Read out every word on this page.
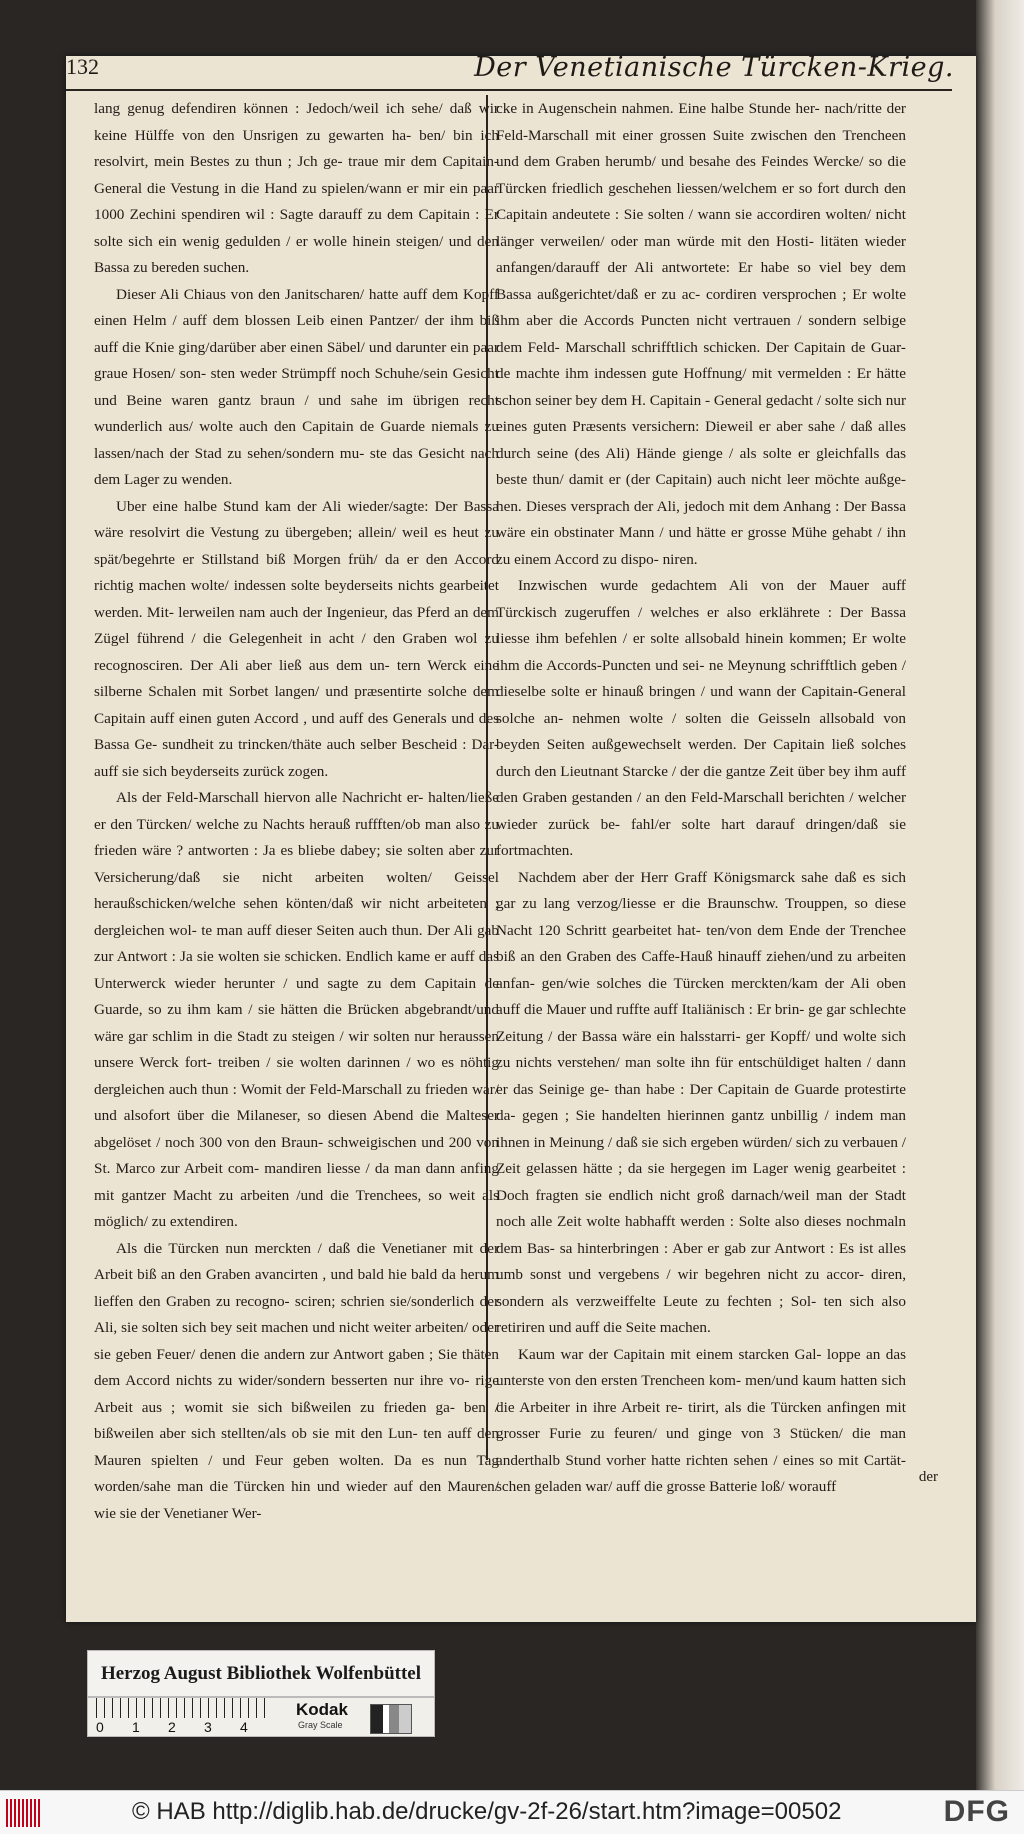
132	Der Venetianische Türcken-Krieg.

lang genug defendiren können : Jedoch/weil ich sehe/ daß wir keine Hülffe von den Unsrigen zu gewarten ha- ben/ bin ich resolvirt, mein Bestes zu thun ; Jch ge- traue mir dem Capitain-General die Vestung in die Hand zu spielen/wann er mir ein paar 1000 Zechini spendiren wil : Sagte darauff zu dem Capitain : Er solte sich ein wenig gedulden / er wolle hinein steigen/ und den Bassa zu bereden suchen.

Dieser Ali Chiaus von den Janitscharen/ hatte auff dem Kopff einen Helm / auff dem blossen Leib einen Pantzer/ der ihm biß auff die Knie ging/darüber aber einen Säbel/ und darunter ein paar graue Hosen/ son- sten weder Strümpff noch Schuhe/sein Gesicht und Beine waren gantz braun / und sahe im übrigen recht wunderlich aus/ wolte auch den Capitain de Guarde niemals zu lassen/nach der Stad zu sehen/sondern mu- ste das Gesicht nach dem Lager zu wenden.

Uber eine halbe Stund kam der Ali wieder/sagte: Der Bassa wäre resolvirt die Vestung zu übergeben; allein/ weil es heut zu spät/begehrte er Stillstand biß Morgen früh/ da er den Accord richtig machen wolte/ indessen solte beyderseits nichts gearbeitet werden. Mit- lerweilen nam auch der Ingenieur, das Pferd an dem Zügel führend / die Gelegenheit in acht / den Graben wol zu recognosciren. Der Ali aber ließ aus dem un- tern Werck eine silberne Schalen mit Sorbet langen/ und præsentirte solche dem Capitain auff einen guten Accord , und auff des Generals und des Bassa Ge- sundheit zu trincken/thäte auch selber Bescheid : Dar- auff sie sich beyderseits zurück zogen.

Als der Feld-Marschall hiervon alle Nachricht er- halten/ließe er den Türcken/ welche zu Nachts herauß ruffften/ob man also zu frieden wäre ? antworten : Ja es bliebe dabey; sie solten aber zur Versicherung/daß sie nicht arbeiten wolten/ Geissel heraußschicken/welche sehen könten/daß wir nicht arbeiteten ; dergleichen wol- te man auff dieser Seiten auch thun. Der Ali gab zur Antwort : Ja sie wolten sie schicken. Endlich kame er auff das Unterwerck wieder herunter / und sagte zu dem Capitain de Guarde, so zu ihm kam / sie hätten die Brücken abgebrandt/und wäre gar schlim in die Stadt zu steigen / wir solten nur heraussen unsere Werck fort- treiben / sie wolten darinnen / wo es nöhtig dergleichen auch thun : Womit der Feld-Marschall zu frieden war/ und alsofort über die Milaneser, so diesen Abend die Malteser abgelöset / noch 300 von den Braun- schweigischen und 200 von St. Marco zur Arbeit com- mandiren liesse / da man dann anfing mit gantzer Macht zu arbeiten /und die Trenchees, so weit als möglich/ zu extendiren.

Als die Türcken nun merckten / daß die Venetianer mit der Arbeit biß an den Graben avancirten , und bald hie bald da herum lieffen den Graben zu recogno- sciren; schrien sie/sonderlich der Ali, sie solten sich bey seit machen und nicht weiter arbeiten/ oder sie geben Feuer/ denen die andern zur Antwort gaben ; Sie thäten dem Accord nichts zu wider/sondern besserten nur ihre vo- rige Arbeit aus ; womit sie sich bißweilen zu frieden ga- ben / bißweilen aber sich stellten/als ob sie mit den Lun- ten auff den Mauren spielten / und Feur geben wolten. Da es nun Tag worden/sahe man die Türcken hin und wieder auf den Mauren/ wie sie der Venetianer Wer-

cke in Augenschein nahmen. Eine halbe Stunde her- nach/ritte der Feld-Marschall mit einer grossen Suite zwischen den Trencheen und dem Graben herumb/ und besahe des Feindes Wercke/ so die Türcken friedlich geschehen liessen/welchem er so fort durch den Capitain andeutete : Sie solten / wann sie accordiren wolten/ nicht länger verweilen/ oder man würde mit den Hosti- litäten wieder anfangen/darauff der Ali antwortete: Er habe so viel bey dem Bassa außgerichtet/daß er zu ac- cordiren versprochen ; Er wolte ihm aber die Accords Puncten nicht vertrauen / sondern selbige dem Feld- Marschall schrifftlich schicken. Der Capitain de Guar- de machte ihm indessen gute Hoffnung/ mit vermelden : Er hätte schon seiner bey dem H. Capitain - General gedacht / solte sich nur eines guten Præsents versichern: Dieweil er aber sahe / daß alles durch seine (des Ali) Hände gienge / als solte er gleichfalls das beste thun/ damit er (der Capitain) auch nicht leer möchte außge- hen. Dieses versprach der Ali, jedoch mit dem Anhang : Der Bassa wäre ein obstinater Mann / und hätte er grosse Mühe gehabt / ihn zu einem Accord zu dispo- niren.

Inzwischen wurde gedachtem Ali von der Mauer auff Türckisch zugeruffen / welches er also erklährete : Der Bassa liesse ihm befehlen / er solte allsobald hinein kommen; Er wolte ihm die Accords-Puncten und sei- ne Meynung schrifftlich geben / dieselbe solte er hinauß bringen / und wann der Capitain-General solche an- nehmen wolte / solten die Geisseln allsobald von beyden Seiten außgewechselt werden. Der Capitain ließ solches durch den Lieutnant Starcke / der die gantze Zeit über bey ihm auff den Graben gestanden / an den Feld-Marschall berichten / welcher wieder zurück be- fahl/er solte hart darauf dringen/daß sie fortmachten.

Nachdem aber der Herr Graff Königsmarck sahe daß es sich gar zu lang verzog/liesse er die Braunschw. Trouppen, so diese Nacht 120 Schritt gearbeitet hat- ten/von dem Ende der Trenchee biß an den Graben des Caffe-Hauß hinauff ziehen/und zu arbeiten anfan- gen/wie solches die Türcken merckten/kam der Ali oben auff die Mauer und ruffte auff Italiänisch : Er brin- ge gar schlechte Zeitung / der Bassa wäre ein halsstarri- ger Kopff/ und wolte sich zu nichts verstehen/ man solte ihn für entschüldiget halten / dann er das Seinige ge- than habe : Der Capitain de Guarde protestirte da- gegen ; Sie handelten hierinnen gantz unbillig / indem man ihnen in Meinung / daß sie sich ergeben würden/ sich zu verbauen / Zeit gelassen hätte ; da sie hergegen im Lager wenig gearbeitet : Doch fragten sie endlich nicht groß darnach/weil man der Stadt noch alle Zeit wolte habhafft werden : Solte also dieses nochmaln dem Bas- sa hinterbringen : Aber er gab zur Antwort : Es ist alles umb sonst und vergebens / wir begehren nicht zu accor- diren, sondern als verzweiffelte Leute zu fechten ; Sol- ten sich also retiriren und auff die Seite machen.

Kaum war der Capitain mit einem starcken Gal- loppe an das unterste von den ersten Trencheen kom- men/und kaum hatten sich die Arbeiter in ihre Arbeit re- tirirt, als die Türcken anfingen mit grosser Furie zu feuren/ und ginge von 3 Stücken/ die man anderthalb Stund vorher hatte richten sehen / eines so mit Cartät- schen geladen war/ auff die grosse Batterie loß/ worauff

der
Herzog August Bibliothek Wolfenbüttel
0 1 2 3 4
Kodak
Gray Scale
© HAB http://diglib.hab.de/drucke/gv-2f-26/start.htm?image=00502	DFG
